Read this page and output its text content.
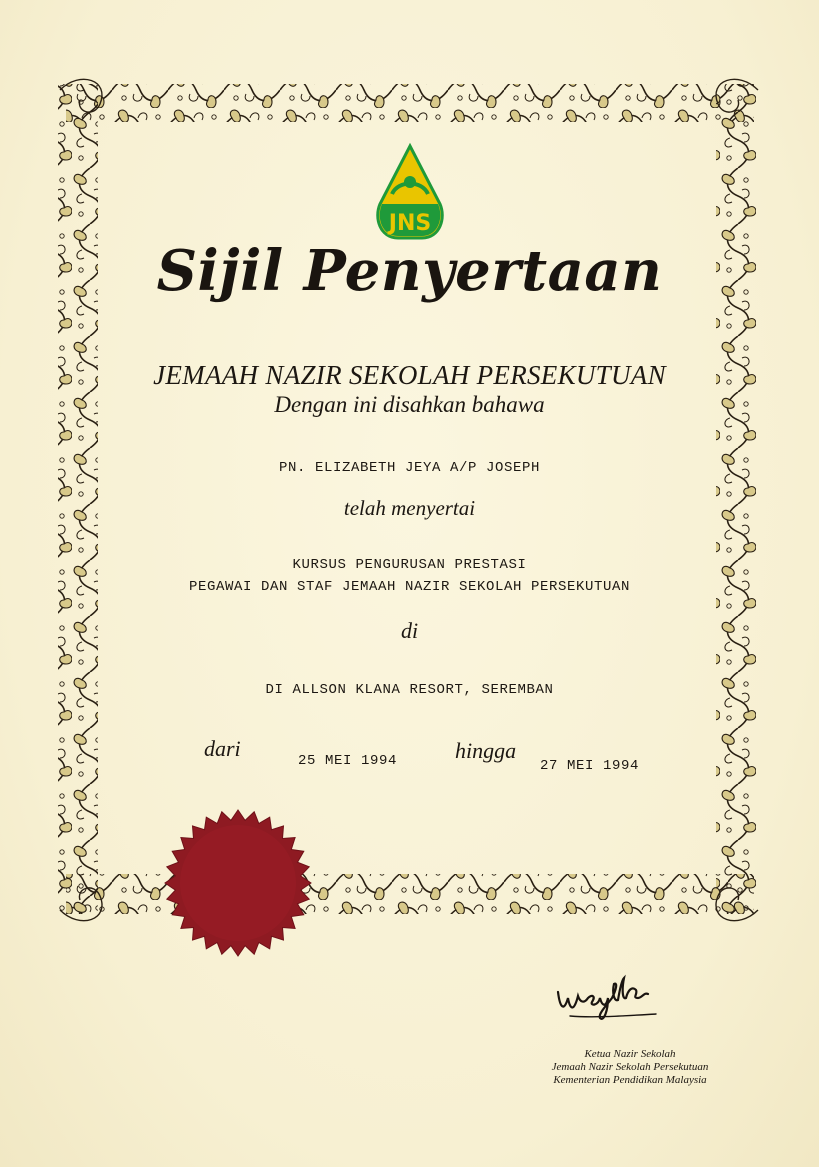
JNS
Sijil Penyertaan
JEMAAH NAZIR SEKOLAH PERSEKUTUAN
Dengan ini disahkan bahawa
PN. ELIZABETH JEYA A/P JOSEPH
telah menyertai
KURSUS PENGURUSAN PRESTASI
PEGAWAI DAN STAF JEMAAH NAZIR SEKOLAH PERSEKUTUAN
di
DI ALLSON KLANA RESORT, SEREMBAN
dari	25 MEI 1994	hingga
27 MEI 1994
Ketua Nazir Sekolah
Jemaah Nazir Sekolah Persekutuan
Kementerian Pendidikan Malaysia
